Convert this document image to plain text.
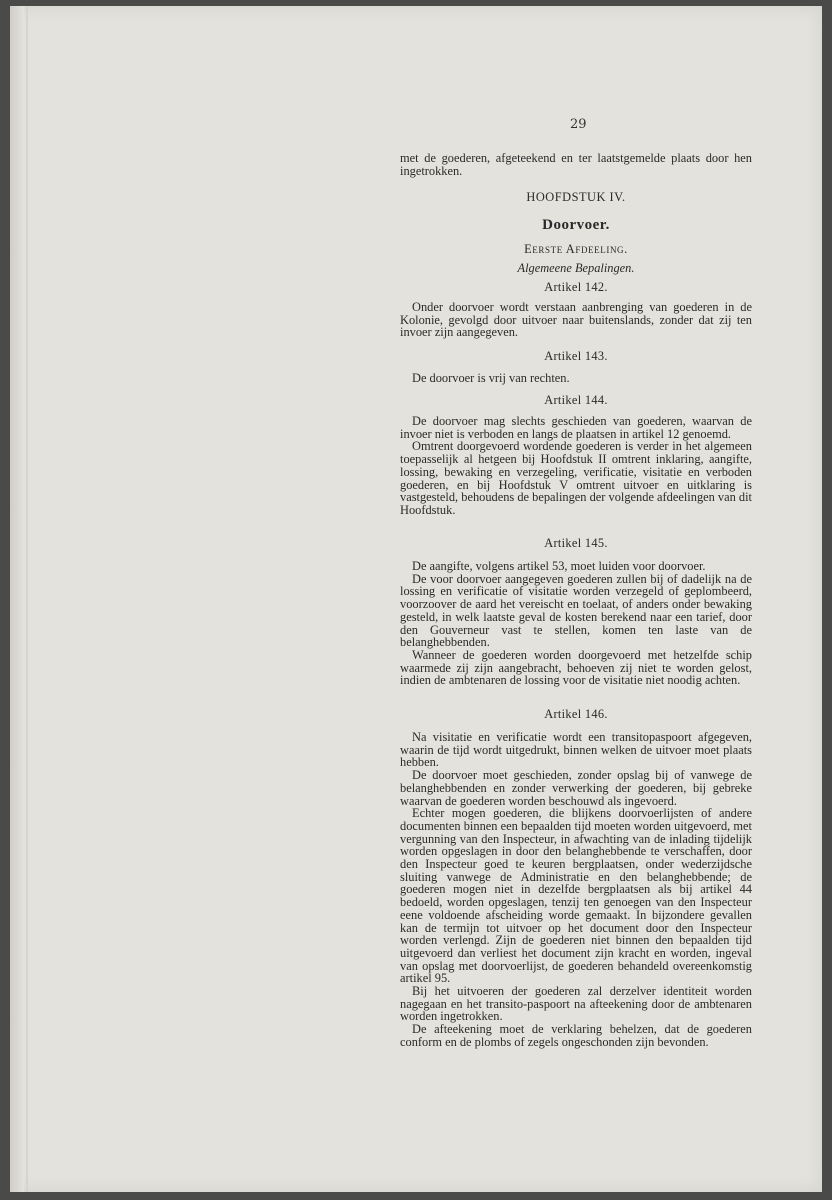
29

met de goederen, afgeteekend en ter laatstgemelde plaats door hen ingetrokken.

HOOFDSTUK IV.

Doorvoer.

Eerste Afdeeling.

Algemeene Bepalingen.

Artikel 142.

Onder doorvoer wordt verstaan aanbrenging van goederen in de Kolonie, gevolgd door uitvoer naar buitenslands, zonder dat zij ten invoer zijn aangegeven.

Artikel 143.

De doorvoer is vrij van rechten.

Artikel 144.

De doorvoer mag slechts geschieden van goederen, waarvan de invoer niet is verboden en langs de plaatsen in artikel 12 genoemd.

Omtrent doorgevoerd wordende goederen is verder in het algemeen toepasselijk al hetgeen bij Hoofdstuk II omtrent inklaring, aangifte, lossing, bewaking en verzegeling, verificatie, visitatie en verboden goederen, en bij Hoofdstuk V omtrent uitvoer en uitklaring is vastgesteld, behoudens de bepalingen der volgende afdeelingen van dit Hoofdstuk.

Artikel 145.

De aangifte, volgens artikel 53, moet luiden voor doorvoer.

De voor doorvoer aangegeven goederen zullen bij of dadelijk na de lossing en verificatie of visitatie worden verzegeld of geplombeerd, voorzoover de aard het vereischt en toelaat, of anders onder bewaking gesteld, in welk laatste geval de kosten berekend naar een tarief, door den Gouverneur vast te stellen, komen ten laste van de belanghebbenden.

Wanneer de goederen worden doorgevoerd met hetzelfde schip waarmede zij zijn aangebracht, behoeven zij niet te worden gelost, indien de ambtenaren de lossing voor de visitatie niet noodig achten.

Artikel 146.

Na visitatie en verificatie wordt een transitopaspoort afgegeven, waarin de tijd wordt uitgedrukt, binnen welken de uitvoer moet plaats hebben.

De doorvoer moet geschieden, zonder opslag bij of vanwege de belanghebbenden en zonder verwerking der goederen, bij gebreke waarvan de goederen worden beschouwd als ingevoerd.

Echter mogen goederen, die blijkens doorvoerlijsten of andere documenten binnen een bepaalden tijd moeten worden uitgevoerd, met vergunning van den Inspecteur, in afwachting van de inlading tijdelijk worden opgeslagen in door den belanghebbende te verschaffen, door den Inspecteur goed te keuren bergplaatsen, onder wederzijdsche sluiting vanwege de Administratie en den belanghebbende; de goederen mogen niet in dezelfde bergplaatsen als bij artikel 44 bedoeld, worden opgeslagen, tenzij ten genoegen van den Inspecteur eene voldoende afscheiding worde gemaakt. In bijzondere gevallen kan de termijn tot uitvoer op het document door den Inspecteur worden verlengd. Zijn de goederen niet binnen den bepaalden tijd uitgevoerd dan verliest het document zijn kracht en worden, ingeval van opslag met doorvoerlijst, de goederen behandeld overeenkomstig artikel 95.

Bij het uitvoeren der goederen zal derzelver identiteit worden nagegaan en het transito-paspoort na afteekening door de ambtenaren worden ingetrokken.

De afteekening moet de verklaring behelzen, dat de goederen conform en de plombs of zegels ongeschonden zijn bevonden.
